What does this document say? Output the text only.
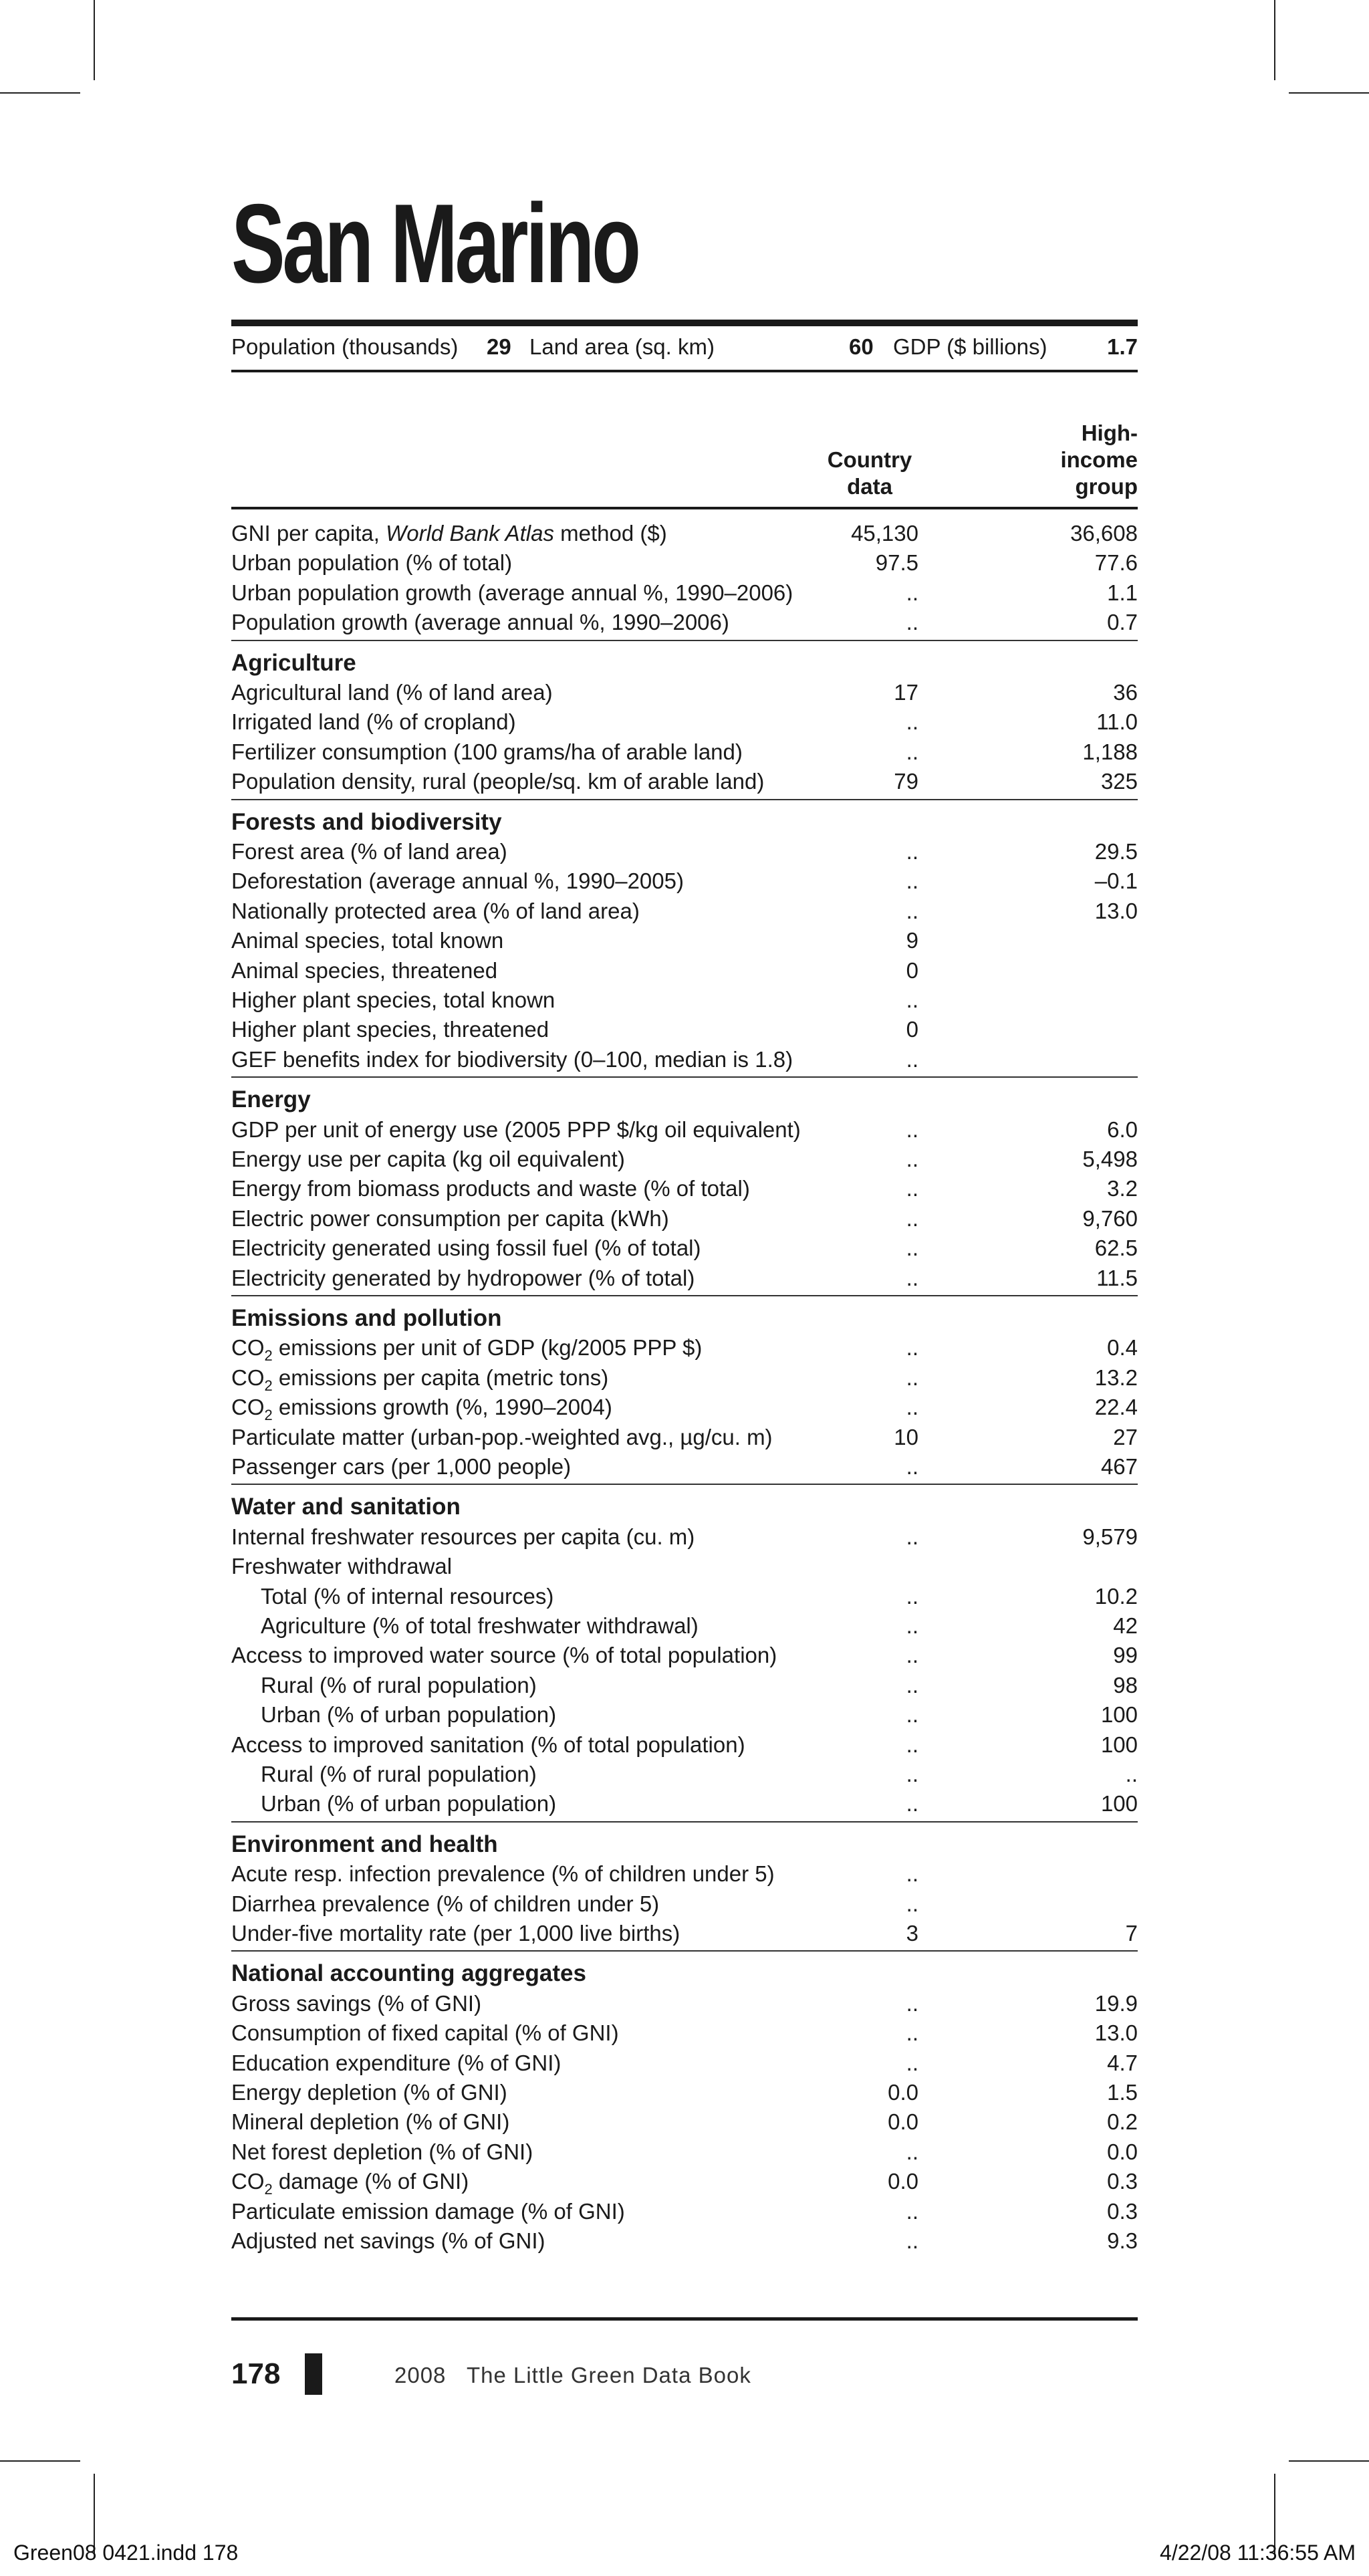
San Marino
Population (thousands) 29 Land area (sq. km)	60 GDP ($ billions)	1.7
Country
data
High-
income
group
GNI per capita, World Bank Atlas method ($)	45,130	36,608
Urban population (% of total)	97.5	77.6
Urban population growth (average annual %, 1990–2006)	..	1.1
Population growth (average annual %, 1990–2006)	..	0.7
Agriculture
Agricultural land (% of land area)	17	36
Irrigated land (% of cropland)	..	11.0
Fertilizer consumption (100 grams/ha of arable land)	..	1,188
Population density, rural (people/sq. km of arable land)	79	325
Forests and biodiversity
Forest area (% of land area)	..	29.5
Deforestation (average annual %, 1990–2005)	..	–0.1
Nationally protected area (% of land area)	..	13.0
Animal species, total known	9
Animal species, threatened	0
Higher plant species, total known	..
Higher plant species, threatened	0
GEF benefits index for biodiversity (0–100, median is 1.8)	..
Energy
GDP per unit of energy use (2005 PPP $/kg oil equivalent)	..	6.0
Energy use per capita (kg oil equivalent)	..	5,498
Energy from biomass products and waste (% of total)	..	3.2
Electric power consumption per capita (kWh)	..	9,760
Electricity generated using fossil fuel (% of total)	..	62.5
Electricity generated by hydropower (% of total)	..	11.5
Emissions and pollution
$CO_2$ emissions per unit of GDP (kg/2005 PPP $)	..	0.4
$CO_2$ emissions per capita (metric tons)	..	13.2
$CO_2$ emissions growth (%, 1990–2004)	..	22.4
Particulate matter (urban-pop.-weighted avg., µg/cu. m)	10	27
Passenger cars (per 1,000 people)	..	467
Water and sanitation
Internal freshwater resources per capita (cu. m)	..	9,579
Freshwater withdrawal
Total (% of internal resources)	..	10.2
Agriculture (% of total freshwater withdrawal)	..	42
Access to improved water source (% of total population)	..	99
Rural (% of rural population)	..	98
Urban (% of urban population)	..	100
Access to improved sanitation (% of total population)	..	100
Rural (% of rural population)	..	..
Urban (% of urban population)	..	100
Environment and health
Acute resp. infection prevalence (% of children under 5)	..
Diarrhea prevalence (% of children under 5)	..
Under-five mortality rate (per 1,000 live births)	3	7
National accounting aggregates
Gross savings (% of GNI)	..	19.9
Consumption of fixed capital (% of GNI)	..	13.0
Education expenditure (% of GNI)	..	4.7
Energy depletion (% of GNI)	0.0	1.5
Mineral depletion (% of GNI)	0.0	0.2
Net forest depletion (% of GNI)	..	0.0
$CO_2$ damage (% of GNI)	0.0	0.3
Particulate emission damage (% of GNI)	..	0.3
Adjusted net savings (% of GNI)	..	9.3
178	2008 The Little Green Data Book
Green08 0421.indd 178	4/22/08 11:36:55 AM
